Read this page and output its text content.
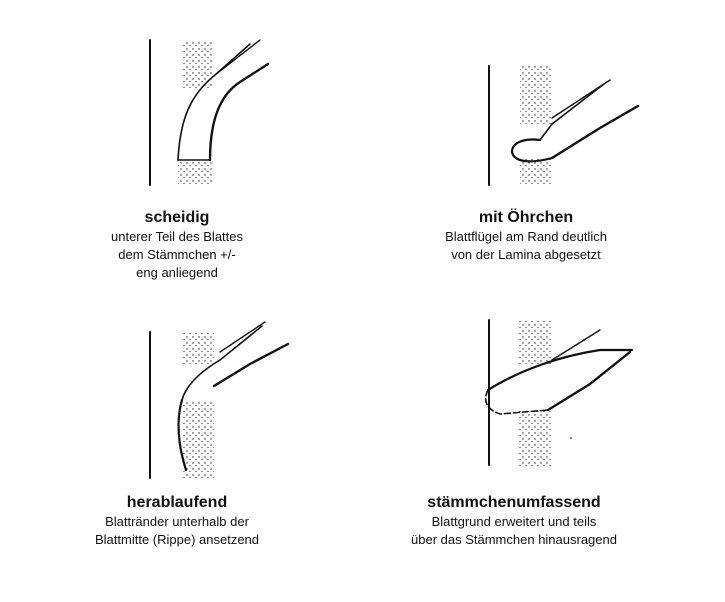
scheidig

unterer Teil des Blattes

dem Stämmchen +/-

eng anliegend

mit Öhrchen

Blattflügel am Rand deutlich

von der Lamina abgesetzt

herablaufend

Blattränder unterhalb der

Blattmitte (Rippe) ansetzend

stämmchenumfassend

Blattgrund erweitert und teils

über das Stämmchen hinausragend
